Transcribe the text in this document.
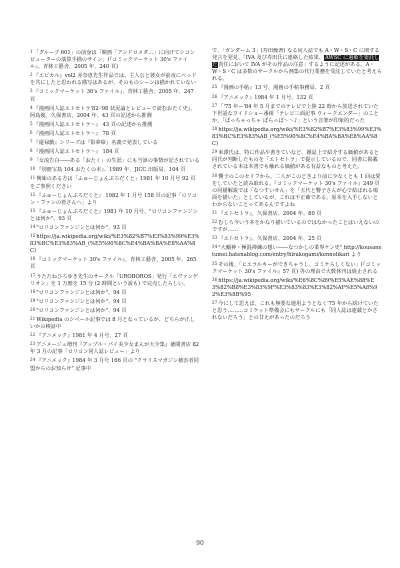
1「グループ 601」の前身は「映画「アンドロメダ…」に向けてシコンピューターの演算手描のサイン」(『コミックマーケット 30's ファイル』、青林工藝舎、2005 年、240 頁)

2『エビカル』vol2 赤奈恵先生作品では、主人公と彼女が前夜にベッドを共にしたと思われる描写はあるが、そのものシーンは描かれていない

3『コミックマーケット 30's ファイル』、青林工藝舎、2005 年、247 頁

4『漫画同人誌エトセトラ'82-'98 状況論とレビューで読むおたく史』、阿島俊、久保書店、2004 年、43 頁の記述から推測

5『漫画同人誌エトセトラ〜』 43 頁の記述から推測

6『漫画同人誌エトセトラ〜』 78 頁

7『還禄戯』シリーズは『影夢瘴』名義で発表している

8『漫画同人誌エトセトラ〜』 184 頁

9「女流告白――ある「おたく」の生涯」にも当該の事情が記されている

10『別冊宝島 104 おたくの本』、1989 年、JICC 出版局、104 頁

11興味のある方は「ふゅーじょんぷろだくと」1981 年 10 月号 92 頁をご参照ください

12『ふゅーじょんぷろだくと』 1982 年 1 月号 158 頁の記事「ロリコン・ファンの皆さんへ」より

13『ふゅーじょんぷろだくと』1981 年 10 月号、"ロリコンファンジンとは何か"、93 頁

14"ロリコンファンジンとは何か"、93 頁

15https://ja.wikipedia.org/wiki/%E3%82%B7%E3%83%99%E3%83%BC%E3%83%AB_(%E5%90%8C%E4%BA%BA%E8%AA%8C)

16『コミックマーケット 30's ファイル』、青林工藝舎、2005 年、265 頁

17うたたねひろゆき先生のサークル「UROBOROS」発行「エヴァンゲリオン」を 1 万冊を 15 分 (2 時間という説も) で完売したらしい。

18"ロリコンファンジンとは何か"、94 頁

19"ロリコンファンジンとは何か"、94 頁

20"ロリコンファンジンとは何か"、94 頁

21Wikipedia のシベール記事では 8 月となっているが、どちらが正しいかの検証中

22『アニメック』1981 年 4 月号、27 頁

23アニメージュ増刊『アップル・パイ美少女まんが大全集』徳間書店 82 年 3 月の記事「ロリコン同人誌レビュー」より

24『アニメック』1984 年 3 月号 166 頁の "クラリスマガジン被害者同盟からのお知らせ" 記事中

で、「ガンダーム 3」(寿田操著) なる同人誌でも A・W・S・C に関する発言を発見、「IVA 及び寿田氏に連絡した結果、AWSC に過敏を委託した責任において IVA がその作品の注意」するように記述がある。A・W・S・C は多数のサークルから画集の代行業務を受託していたと考えられる。

25『漫画の手帖』13 号、漫画の手帖事務局、2 頁

26『アニメック』1984 年 1 月号、132 頁

27「'75 年ー'84 年 5 月までのテレビで上陸 22 時から放送されていた下世話なワイドショー番組「テレビ三面記事 ウィークエンダー」のことか。「ぱっちゃっちゃ ぱらっぱ〜〜♪」という音楽が印象的だった

28https://ja.wikipedia.org/wiki/%E3%82%B7%E3%83%99%E3%83%BC%E3%83%AB_(%E5%90%8C%E4%BA%BA%E8%AA%8C)

29米澤氏は、特に作品や書きていなど、雑誌上で紹介する価値があると同氏が判断したものを「エトセトラ」で提示しているので、同書に掲載されている本は本書でも触れる価値がある有益なものと考えた。

30響子のこのセリフから、二人がこのどきより前に少なくとも 1 回は愛をしていたと読み取れる。『コミックマーケット 30's ファイル』249 頁の同描解説では「なつすいせん」を「五代と響子さんが心で結ばれる場面を描いた」としているが、これは不正確である。原本を入手しないとわからないことってあるんですよね

31『エトセトラ』、久保書店、2004 年、80 頁

32むしろ今いう本をかなり描いているのではなかったことはいえないのですが……

33『エトセトラ』、久保書店、2004 年、25 頁

34"大鰯神・極混禅練の想い――なつかしの業界ケン史" http://kousanetumei.hatenablog.com/entry/hirakogami/kennolikari より

35その後、「ヒエラルキーができちゃうし、コミケらしくない」(『コミックマーケット 30's ファイル』57 頁) 等の理由で大数休刊は廃止される

36https://ja.wikipedia.org/wiki/%E6%8C%89%E5%AE%88%E3%82%B8%E3%83%9F%E3%83%83%E3%82%AF%E5%A8%92%E3%8B%95

37今にして思えば、これも無要な運用ようとなく'75 年から続けていたと思う………コミケット準備会にもサークルにも「同人誌は連載とかされないだろう」との甘えがあったのだろう

90
